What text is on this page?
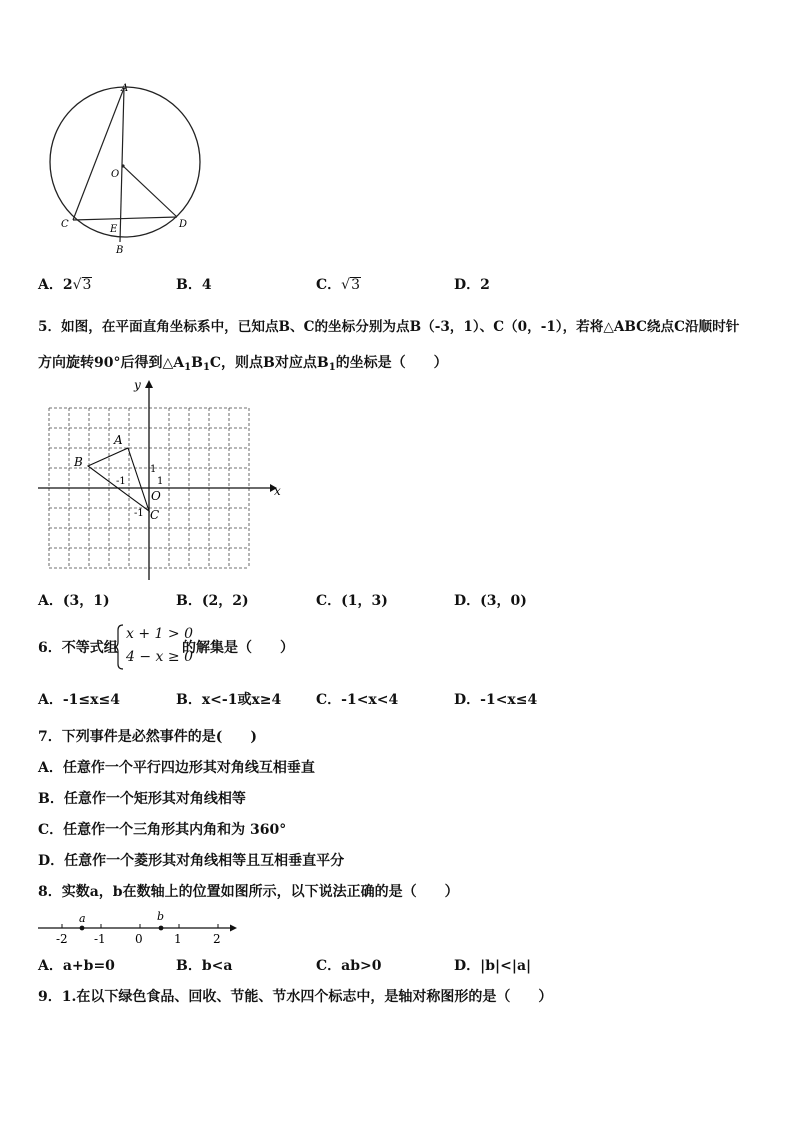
A
O
C	D
E
B
A．2√3	B．4	C．√3	D．2
5．如图，在平面直角坐标系中，已知点B、C的坐标分别为点B（-3，1）、C（0，-1），若将△ABC绕点C沿顺时针
方向旋转90°后得到$\triangle A_1B_1C$，则点B对应点$B_1$的坐标是（　　）
y
x
A
B
C
O
-1	1
1
-1
A．(3，1)	B．(2，2)	C．(1，3)	D．(3，0)
6．不等式组
x + 1 > 0
4 − x ≥ 0
的解集是（　　）
A．-1≤x≤4	B．x<-1或x≥4 C．-1<x<4	D．-1<x≤4
7．下列事件是必然事件的是(　　)
A．任意作一个平行四边形其对角线互相垂直
B．任意作一个矩形其对角线相等
C．任意作一个三角形其内角和为 360°
D．任意作一个菱形其对角线相等且互相垂直平分
8．实数a，b在数轴上的位置如图所示，以下说法正确的是（　　）
a	b
-2 -1 0	1	2
A．a+b=0	B．b<a	C．ab>0	D．|b|<|a|
9．1.在以下绿色食品、回收、节能、节水四个标志中，是轴对称图形的是（　　）
